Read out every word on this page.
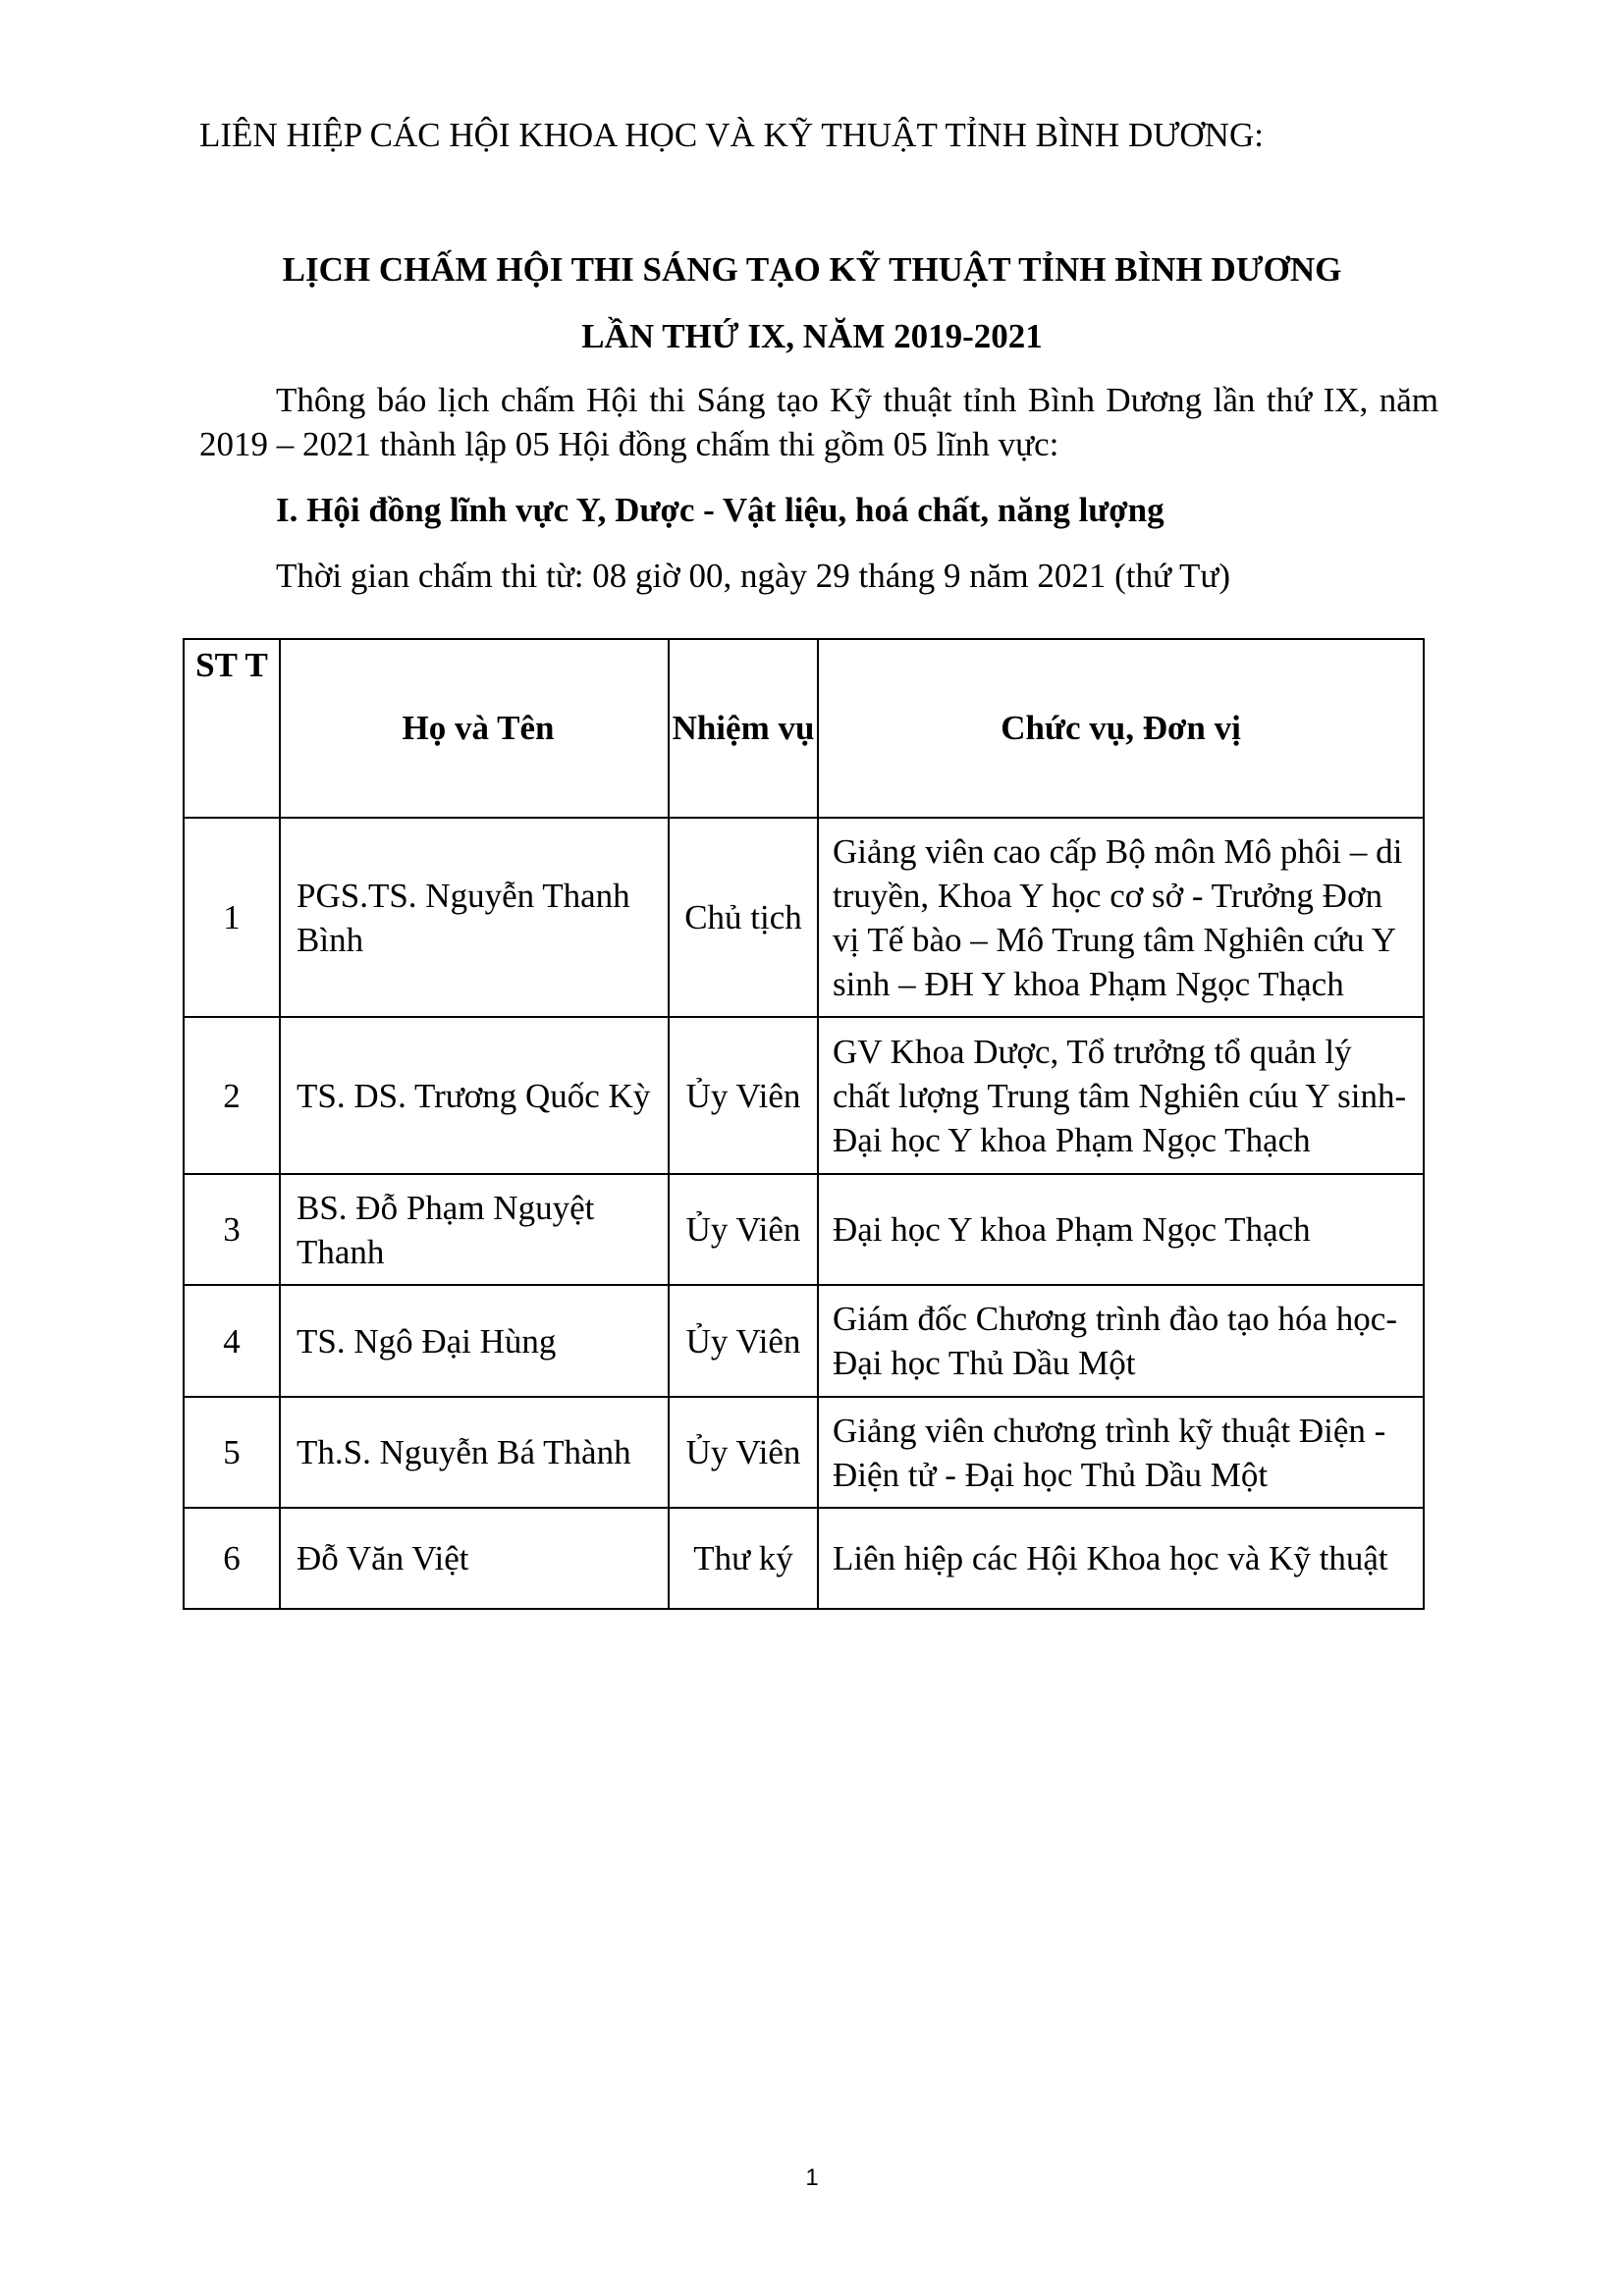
LIÊN HIỆP CÁC HỘI KHOA HỌC VÀ KỸ THUẬT TỈNH BÌNH DƯƠNG:
LỊCH CHẤM HỘI THI SÁNG TẠO KỸ THUẬT TỈNH BÌNH DƯƠNG
LẦN THỨ IX, NĂM 2019-2021

Thông báo lịch chấm Hội thi Sáng tạo Kỹ thuật tỉnh Bình Dương lần thứ IX, năm 2019 – 2021 thành lập 05 Hội đồng chấm thi gồm 05 lĩnh vực:

I. Hội đồng lĩnh vực Y, Dược - Vật liệu, hoá chất, năng lượng
Thời gian chấm thi từ: 08 giờ 00, ngày 29 tháng 9 năm 2021 (thứ Tư)
ST T	Họ và Tên	Nhiệm vụ	Chức vụ, Đơn vị
1	PGS.TS. Nguyễn Thanh Bình	Chủ tịch	Giảng viên cao cấp Bộ môn Mô phôi – di truyền, Khoa Y học cơ sở - Trưởng Đơn vị Tế bào – Mô Trung tâm Nghiên cứu Y sinh – ĐH Y khoa Phạm Ngọc Thạch
2	TS. DS. Trương Quốc Kỳ	Ủy Viên	GV Khoa Dược, Tổ trưởng tổ quản lý chất lượng Trung tâm Nghiên cúu Y sinh- Đại học Y khoa Phạm Ngọc Thạch
3	BS. Đỗ Phạm Nguyệt Thanh	Ủy Viên	Đại học Y khoa Phạm Ngọc Thạch
4	TS. Ngô Đại Hùng	Ủy Viên	Giám đốc Chương trình đào tạo hóa học- Đại học Thủ Dầu Một
5	Th.S. Nguyễn Bá Thành	Ủy Viên	Giảng viên chương trình kỹ thuật Điện - Điện tử - Đại học Thủ Dầu Một
6	Đỗ Văn Việt	Thư ký	Liên hiệp các Hội Khoa học và Kỹ thuật
1
